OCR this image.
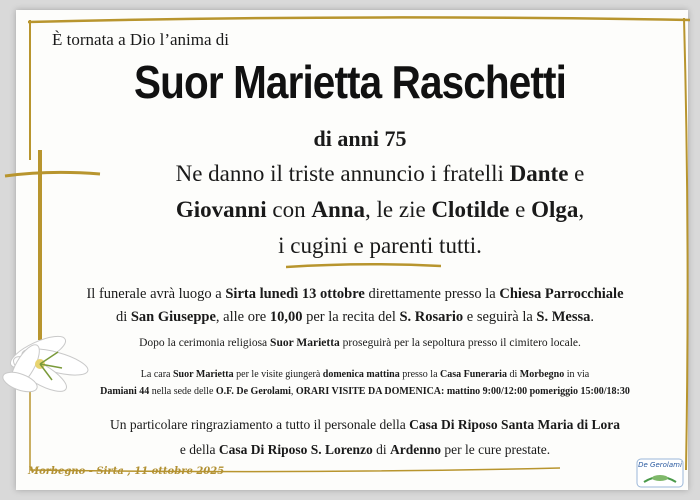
È tornata a Dio l’anima di
Suor Marietta Raschetti
di anni 75
Ne danno il triste annuncio i fratelli Dante e
Giovanni con Anna, le zie Clotilde e Olga,
i cugini e parenti tutti.
Il funerale avrà luogo a Sirta lunedì 13 ottobre direttamente presso la Chiesa Parrocchiale
di San Giuseppe, alle ore 10,00 per la recita del S. Rosario e seguirà la S. Messa.
Dopo la cerimonia religiosa Suor Marietta proseguirà per la sepoltura presso il cimitero locale.
La cara Suor Marietta per le visite giungerà domenica mattina presso la Casa Funeraria di Morbegno in via
Damiani 44 nella sede delle O.F. De Gerolami, ORARI VISITE DA DOMENICA: mattino 9:00/12:00 pomeriggio 15:00/18:30
Un particolare ringraziamento a tutto il personale della Casa Di Riposo Santa Maria di Lora
e della Casa Di Riposo S. Lorenzo di Ardenno per le cure prestate.
Morbegno - Sirta , 11 ottobre 2025
De Gerolami
